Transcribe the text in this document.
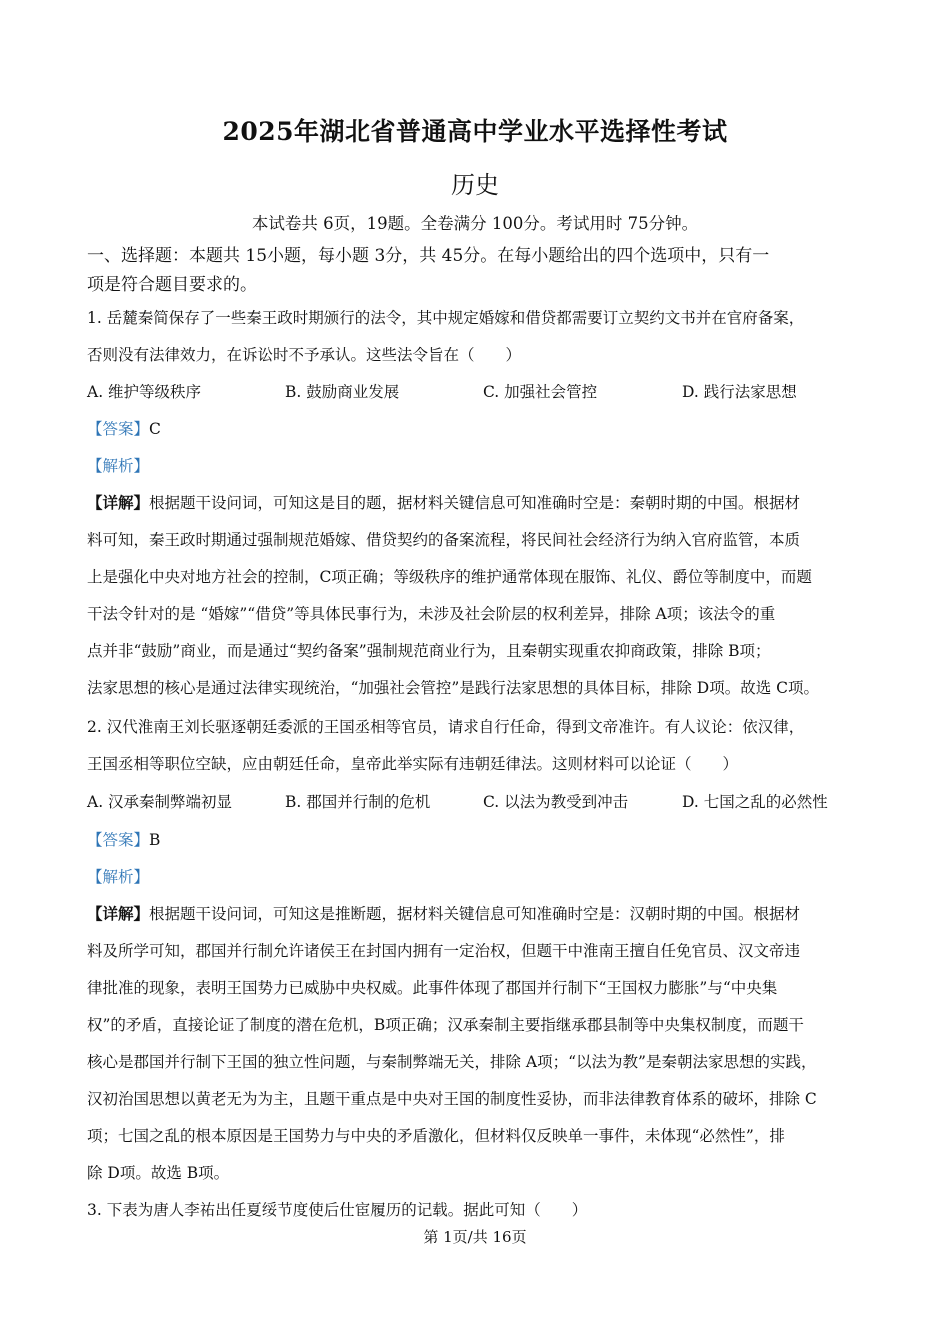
2025年湖北省普通高中学业水平选择性考试
历史
本试卷共 6页，19题。全卷满分 100分。考试用时 75分钟。
一、选择题：本题共 15小题，每小题 3分，共 45分。在每小题给出的四个选项中，只有一
项是符合题目要求的。
1. 岳麓秦简保存了一些秦王政时期颁行的法令，其中规定婚嫁和借贷都需要订立契约文书并在官府备案，
否则没有法律效力，在诉讼时不予承认。这些法令旨在（　　）
A. 维护等级秩序	B. 鼓励商业发展	C. 加强社会管控	D. 践行法家思想
【答案】C
【解析】
【详解】根据题干设问词，可知这是目的题，据材料关键信息可知准确时空是：秦朝时期的中国。根据材
料可知，秦王政时期通过强制规范婚嫁、借贷契约的备案流程，将民间社会经济行为纳入官府监管，本质
上是强化中央对地方社会的控制，C项正确；等级秩序的维护通常体现在服饰、礼仪、爵位等制度中，而题
干法令针对的是 “婚嫁”“借贷”等具体民事行为，未涉及社会阶层的权利差异，排除 A项；该法令的重
点并非“鼓励”商业，而是通过“契约备案”强制规范商业行为，且秦朝实现重农抑商政策，排除 B项；
法家思想的核心是通过法律实现统治，“加强社会管控”是践行法家思想的具体目标，排除 D项。故选 C项。
2. 汉代淮南王刘长驱逐朝廷委派的王国丞相等官员，请求自行任命，得到文帝准许。有人议论：依汉律，
王国丞相等职位空缺，应由朝廷任命，皇帝此举实际有违朝廷律法。这则材料可以论证（　　）
A. 汉承秦制弊端初显	B. 郡国并行制的危机	C. 以法为教受到冲击	D. 七国之乱的必然性
【答案】B
【解析】
【详解】根据题干设问词，可知这是推断题，据材料关键信息可知准确时空是：汉朝时期的中国。根据材
料及所学可知，郡国并行制允许诸侯王在封国内拥有一定治权，但题干中淮南王擅自任免官员、汉文帝违
律批准的现象，表明王国势力已威胁中央权威。此事件体现了郡国并行制下“王国权力膨胀”与“中央集
权”的矛盾，直接论证了制度的潜在危机，B项正确；汉承秦制主要指继承郡县制等中央集权制度，而题干
核心是郡国并行制下王国的独立性问题，与秦制弊端无关，排除 A项；“以法为教”是秦朝法家思想的实践，
汉初治国思想以黄老无为为主，且题干重点是中央对王国的制度性妥协，而非法律教育体系的破坏，排除 C
项；七国之乱的根本原因是王国势力与中央的矛盾激化，但材料仅反映单一事件，未体现“必然性”，排
除 D项。故选 B项。
3. 下表为唐人李祐出任夏绥节度使后仕宦履历的记载。据此可知（　　）
第 1页/共 16页
